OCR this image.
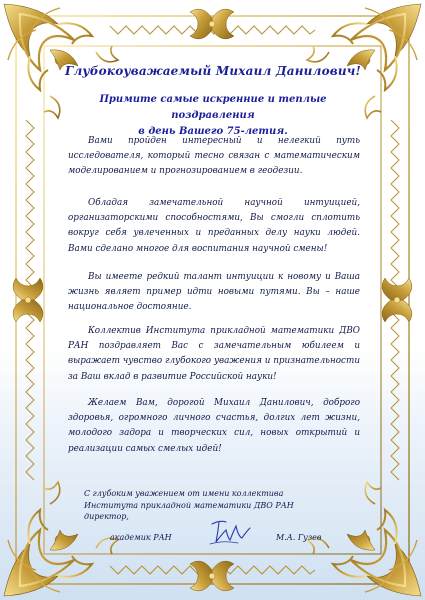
Глубокоуважаемый Михаил Данилович!
Примите самые искренние и теплые поздравления
в день Вашего 75-летия.
Вами пройден интересный и нелегкий путь исследователя, который тесно связан с математическим моделированием и прогнозированием в геодезии.
Обладая замечательной научной интуицией, организаторскими способностями, Вы смогли сплотить вокруг себя увлеченных и преданных делу науки людей. Вами сделано многое для воспитания научной смены!
Вы имеете редкий талант интуиции к новому и Ваша жизнь являет пример идти новыми путями. Вы – наше национальное достояние.
Коллектив Института прикладной математики ДВО РАН поздравляет Вас с замечательным юбилеем и выражает чувство глубокого уважения и признательности за Ваш вклад в развитие Российской науки!
Желаем Вам, дорогой Михаил Данилович, доброго здоровья, огромного личного счастья, долгих лет жизни, молодого задора и творческих сил, новых открытий и реализации самых смелых идей!
С глубоким уважением от имени коллектива
Института прикладной математики ДВО РАН
директор,
академик РАН	М.А. Гузев
